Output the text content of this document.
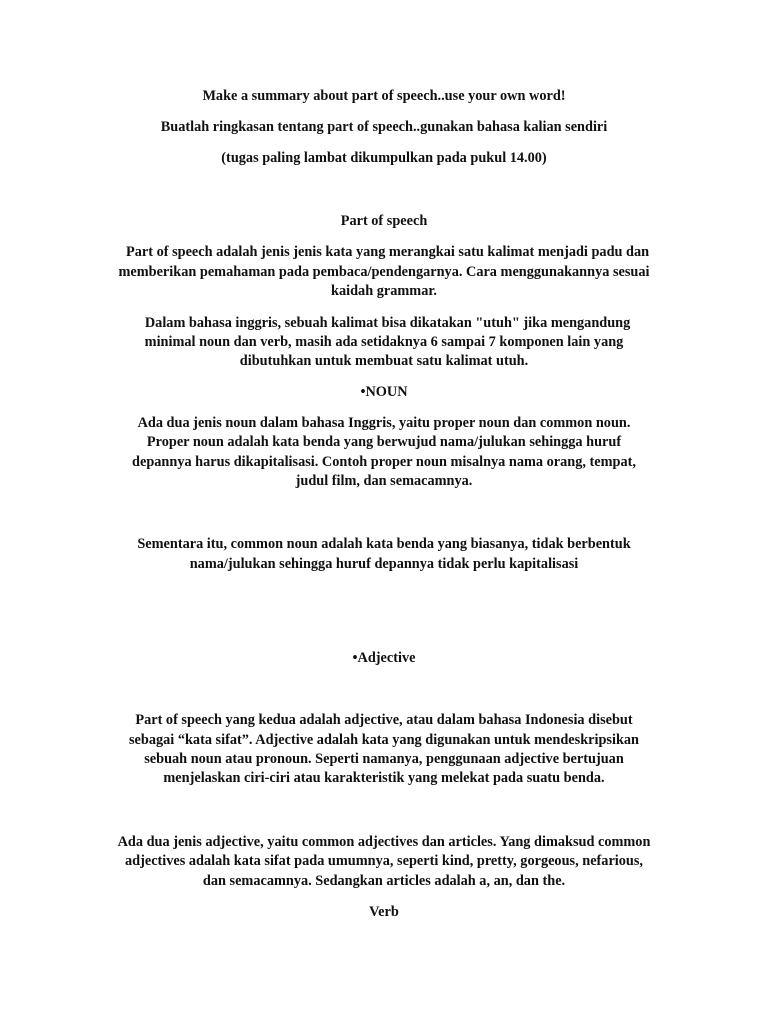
Make a summary about part of speech..use your own word!
Buatlah ringkasan tentang part of speech..gunakan bahasa kalian sendiri
(tugas paling lambat dikumpulkan pada pukul 14.00)
Part of speech
Part of speech adalah jenis jenis kata yang merangkai satu kalimat menjadi padu dan
memberikan pemahaman pada pembaca/pendengarnya. Cara menggunakannya sesuai
kaidah grammar.
Dalam bahasa inggris, sebuah kalimat bisa dikatakan "utuh" jika mengandung
minimal noun dan verb, masih ada setidaknya 6 sampai 7 komponen lain yang
dibutuhkan untuk membuat satu kalimat utuh.
•NOUN
Ada dua jenis noun dalam bahasa Inggris, yaitu proper noun dan common noun.
Proper noun adalah kata benda yang berwujud nama/julukan sehingga huruf
depannya harus dikapitalisasi. Contoh proper noun misalnya nama orang, tempat,
judul film, dan semacamnya.
Sementara itu, common noun adalah kata benda yang biasanya, tidak berbentuk
nama/julukan sehingga huruf depannya tidak perlu kapitalisasi
•Adjective
Part of speech yang kedua adalah adjective, atau dalam bahasa Indonesia disebut
sebagai “kata sifat”. Adjective adalah kata yang digunakan untuk mendeskripsikan
sebuah noun atau pronoun. Seperti namanya, penggunaan adjective bertujuan
menjelaskan ciri-ciri atau karakteristik yang melekat pada suatu benda.
Ada dua jenis adjective, yaitu common adjectives dan articles. Yang dimaksud common
adjectives adalah kata sifat pada umumnya, seperti kind, pretty, gorgeous, nefarious,
dan semacamnya. Sedangkan articles adalah a, an, dan the.
Verb
